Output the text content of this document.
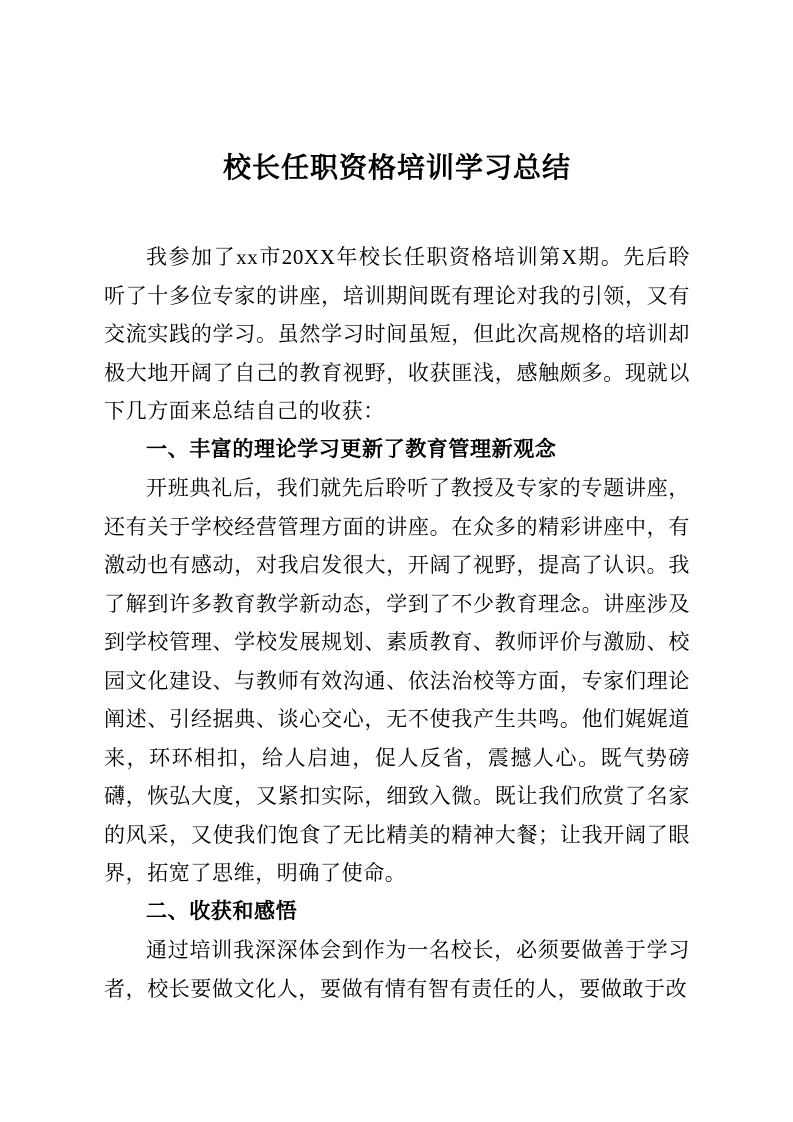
校长任职资格培训学习总结

我参加了xx市20XX年校长任职资格培训第X期。先后聆听了十多位专家的讲座，培训期间既有理论对我的引领，又有交流实践的学习。虽然学习时间虽短，但此次高规格的培训却极大地开阔了自己的教育视野，收获匪浅，感触颇多。现就以下几方面来总结自己的收获：

一、丰富的理论学习更新了教育管理新观念

开班典礼后，我们就先后聆听了教授及专家的专题讲座，还有关于学校经营管理方面的讲座。在众多的精彩讲座中，有激动也有感动，对我启发很大，开阔了视野，提高了认识。我了解到许多教育教学新动态，学到了不少教育理念。讲座涉及到学校管理、学校发展规划、素质教育、教师评价与激励、校园文化建设、与教师有效沟通、依法治校等方面，专家们理论阐述、引经据典、谈心交心，无不使我产生共鸣。他们娓娓道来，环环相扣，给人启迪，促人反省，震撼人心。既气势磅礴，恢弘大度，又紧扣实际，细致入微。既让我们欣赏了名家的风采，又使我们饱食了无比精美的精神大餐；让我开阔了眼界，拓宽了思维，明确了使命。

二、收获和感悟

通过培训我深深体会到作为一名校长，必须要做善于学习者，校长要做文化人，要做有情有智有责任的人，要做敢于改
